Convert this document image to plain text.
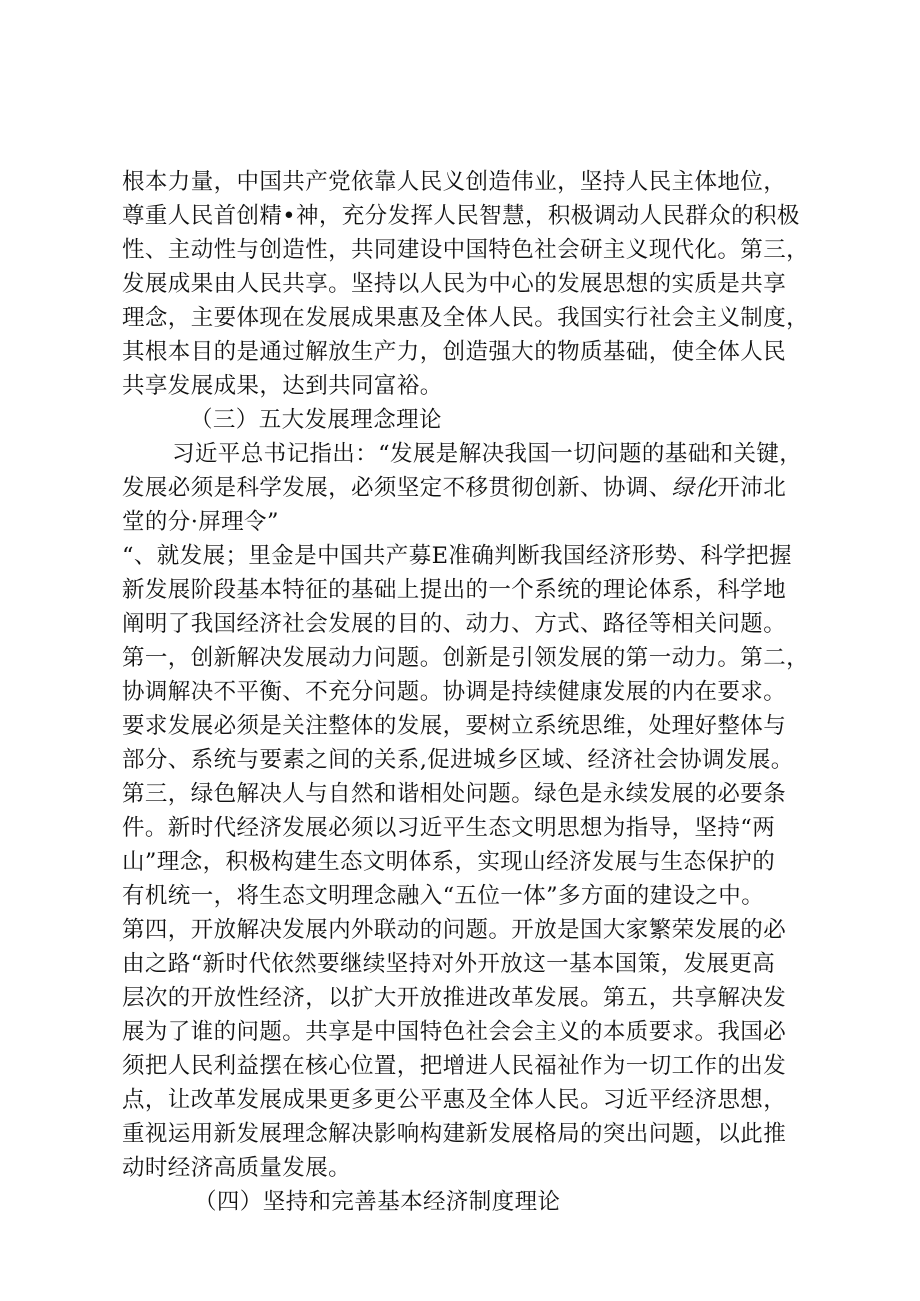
根本力量，中国共产党依靠人民义创造伟业，坚持人民主体地位，
尊重人民首创精•神，充分发挥人民智慧，积极调动人民群众的积极
性、主动性与创造性，共同建设中国特色社会研主义现代化。第三，
发展成果由人民共享。坚持以人民为中心的发展思想的实质是共享
理念，主要体现在发展成果惠及全体人民。我国实行社会主义制度，
其根本目的是通过解放生产力，创造强大的物质基础，使全体人民
共享发展成果，达到共同富裕。
（三）五大发展理念理论
习近平总书记指出：“发展是解决我国一切问题的基础和关键，
发展必须是科学发展，必须坚定不移贯彻创新、协调、绿化开沛北
堂的分·屏理令”
“、就发展；里金是中国共产募E准确判断我国经济形势、科学把握
新发展阶段基本特征的基础上提出的一个系统的理论体系，科学地
阐明了我国经济社会发展的目的、动力、方式、路径等相关问题。
第一，创新解决发展动力问题。创新是引领发展的第一动力。第二，
协调解决不平衡、不充分问题。协调是持续健康发展的内在要求。
要求发展必须是关注整体的发展，要树立系统思维，处理好整体与
部分、系统与要素之间的关系,促进城乡区域、经济社会协调发展。
第三，绿色解决人与自然和谐相处问题。绿色是永续发展的必要条
件。新时代经济发展必须以习近平生态文明思想为指导，坚持“两
山”理念，积极构建生态文明体系，实现山经济发展与生态保护的
有机统一，将生态文明理念融入“五位一体”多方面的建设之中。
第四，开放解决发展内外联动的问题。开放是国大家繁荣发展的必
由之路“新时代依然要继续坚持对外开放这一基本国策，发展更高
层次的开放性经济，以扩大开放推进改革发展。第五，共享解决发
展为了谁的问题。共享是中国特色社会会主义的本质要求。我国必
须把人民利益摆在核心位置，把增进人民福祉作为一切工作的出发
点，让改革发展成果更多更公平惠及全体人民。习近平经济思想，
重视运用新发展理念解决影响构建新发展格局的突出问题，以此推
动时经济高质量发展。
（四）坚持和完善基本经济制度理论
